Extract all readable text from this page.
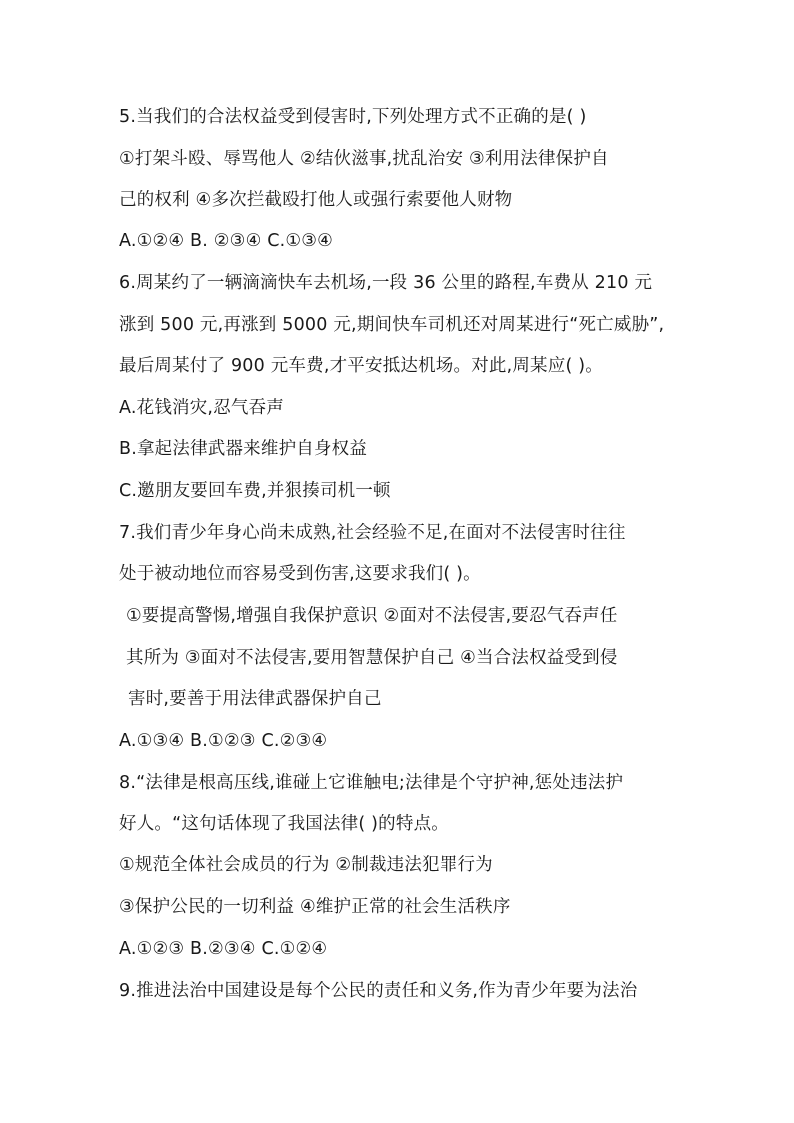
5.当我们的合法权益受到侵害时,下列处理方式不正确的是( )
①打架斗殴、辱骂他人 ②结伙滋事,扰乱治安 ③利用法律保护自
己的权利 ④多次拦截殴打他人或强行索要他人财物
A.①②④ B. ②③④ C.①③④
6.周某约了一辆滴滴快车去机场,一段 36 公里的路程,车费从 210 元
涨到 500 元,再涨到 5000 元,期间快车司机还对周某进行“死亡威胁”,
最后周某付了 900 元车费,才平安抵达机场。对此,周某应( )。
A.花钱消灾,忍气吞声
B.拿起法律武器来维护自身权益
C.邀朋友要回车费,并狠揍司机一顿
7.我们青少年身心尚未成熟,社会经验不足,在面对不法侵害时往往
处于被动地位而容易受到伤害,这要求我们( )。
①要提高警惕,增强自我保护意识 ②面对不法侵害,要忍气吞声任
其所为 ③面对不法侵害,要用智慧保护自己 ④当合法权益受到侵
害时,要善于用法律武器保护自己
A.①③④ B.①②③ C.②③④
8.“法律是根高压线,谁碰上它谁触电;法律是个守护神,惩处违法护
好人。“这句话体现了我国法律( )的特点。
①规范全体社会成员的行为 ②制裁违法犯罪行为
③保护公民的一切利益 ④维护正常的社会生活秩序
A.①②③ B.②③④ C.①②④
9.推进法治中国建设是每个公民的责任和义务,作为青少年要为法治
